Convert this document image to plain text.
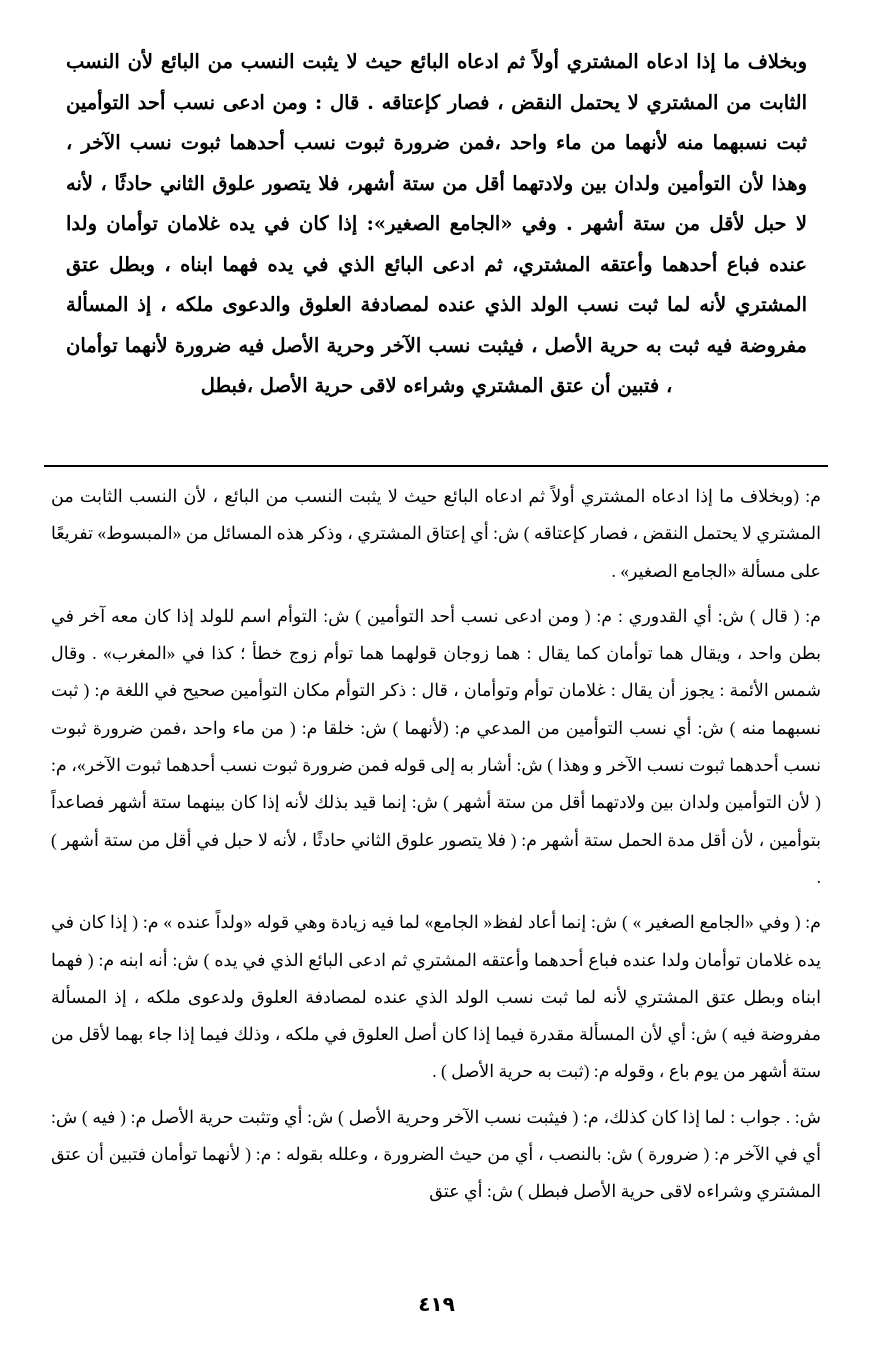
وبخلاف ما إذا ادعاه المشتري أولاً ثم ادعاه البائع حيث لا يثبت النسب من البائع لأن النسب الثابت من المشتري لا يحتمل النقض ، فصار كإعتاقه . قال : ومن ادعى نسب أحد التوأمين ثبت نسبهما منه لأنهما من ماء واحد ،فمن ضرورة ثبوت نسب أحدهما ثبوت نسب الآخر ، وهذا لأن التوأمين ولدان بين ولادتهما أقل من ستة أشهر، فلا يتصور علوق الثاني حادثًا ، لأنه لا حبل لأقل من ستة أشهر . وفي «الجامع الصغير»: إذا كان في يده غلامان توأمان ولدا عنده فباع أحدهما وأعتقه المشتري، ثم ادعى البائع الذي في يده فهما ابناه ، وبطل عتق المشتري لأنه لما ثبت نسب الولد الذي عنده لمصادفة العلوق والدعوى ملكه ، إذ المسألة مفروضة فيه ثبت به حرية الأصل ، فيثبت نسب الآخر وحرية الأصل فيه ضرورة لأنهما توأمان ، فتبين أن عتق المشتري وشراءه لاقى حرية الأصل ،فبطل

م: (وبخلاف ما إذا ادعاه المشتري أولاً ثم ادعاه البائع حيث لا يثبت النسب من البائع ، لأن النسب الثابت من المشتري لا يحتمل النقض ، فصار كإعتاقه ) ش: أي إعتاق المشتري ، وذكر هذه المسائل من «المبسوط» تفريعًا على مسألة «الجامع الصغير» .

م: ( قال ) ش: أي القدوري : م: ( ومن ادعى نسب أحد التوأمين ) ش: التوأم اسم للولد إذا كان معه آخر في بطن واحد ، ويقال هما توأمان كما يقال : هما زوجان قولهما هما توأم زوج خطأ ؛ كذا في «المغرب» . وقال شمس الأئمة : يجوز أن يقال : غلامان توأم وتوأمان ، قال : ذكر التوأم مكان التوأمين صحيح في اللغة م: ( ثبت نسبهما منه ) ش: أي نسب التوأمين من المدعي م: (لأنهما ) ش: خلقا م: ( من ماء واحد ،فمن ضرورة ثبوت نسب أحدهما ثبوت نسب الآخر و وهذا ) ش: أشار به إلى قوله فمن ضرورة ثبوت نسب أحدهما ثبوت الآخر»، م: ( لأن التوأمين ولدان بين ولادتهما أقل من ستة أشهر ) ش: إنما قيد بذلك لأنه إذا كان بينهما ستة أشهر فصاعداً بتوأمين ، لأن أقل مدة الحمل ستة أشهر م: ( فلا يتصور علوق الثاني حادثًا ، لأنه لا حبل في أقل من ستة أشهر ) .

م: ( وفي «الجامع الصغير » ) ش: إنما أعاد لفظ« الجامع» لما فيه زيادة وهي قوله «ولداً عنده » م: ( إذا كان في يده غلامان توأمان ولدا عنده فباع أحدهما وأعتقه المشتري ثم ادعى البائع الذي في يده ) ش: أنه ابنه م: ( فهما ابناه وبطل عتق المشتري لأنه لما ثبت نسب الولد الذي عنده لمصادفة العلوق ولدعوى ملكه ، إذ المسألة مفروضة فيه ) ش: أي لأن المسألة مقدرة فيما إذا كان أصل العلوق في ملكه ، وذلك فيما إذا جاء بهما لأقل من ستة أشهر من يوم باع ، وقوله م: (ثبت به حرية الأصل ) .

ش: . جواب : لما إذا كان كذلك، م: ( فيثبت نسب الآخر وحرية الأصل ) ش: أي وتثبت حرية الأصل م: ( فيه ) ش: أي في الآخر م: ( ضرورة ) ش: بالنصب ، أي من حيث الضرورة ، وعلله بقوله : م: ( لأنهما توأمان فتبين أن عتق المشتري وشراءه لاقى حرية الأصل فبطل ) ش: أي عتق

٤١٩
